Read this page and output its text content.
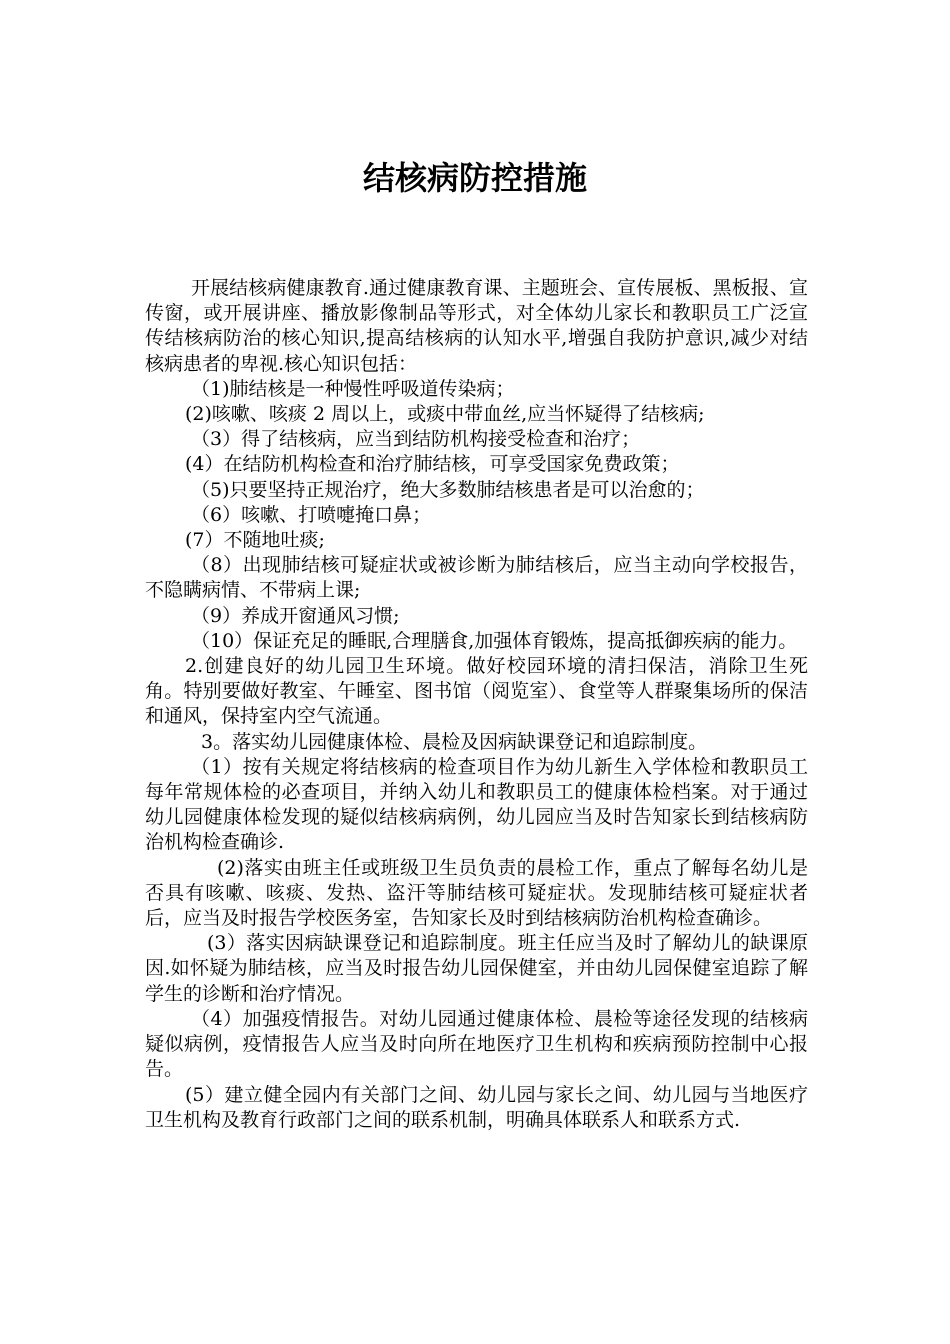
结核病防控措施

开展结核病健康教育.通过健康教育课、主题班会、宣传展板、黑板报、宣传窗，或开展讲座、播放影像制品等形式，对全体幼儿家长和教职员工广泛宣传结核病防治的核心知识,提高结核病的认知水平,增强自我防护意识,减少对结核病患者的卑视.核心知识包括：

（1)肺结核是一种慢性呼吸道传染病；

(2)咳嗽、咳痰 2 周以上，或痰中带血丝,应当怀疑得了结核病;

（3）得了结核病，应当到结防机构接受检查和治疗；

(4）在结防机构检查和治疗肺结核，可享受国家免费政策；

（5)只要坚持正规治疗，绝大多数肺结核患者是可以治愈的；

（6）咳嗽、打喷嚏掩口鼻；

(7）不随地吐痰;

（8）出现肺结核可疑症状或被诊断为肺结核后，应当主动向学校报告，不隐瞒病情、不带病上课;

（9）养成开窗通风习惯;

（10）保证充足的睡眠,合理膳食,加强体育锻炼，提高抵御疾病的能力。

2.创建良好的幼儿园卫生环境。做好校园环境的清扫保洁，消除卫生死角。特别要做好教室、午睡室、图书馆（阅览室）、食堂等人群聚集场所的保洁和通风，保持室内空气流通。

3。落实幼儿园健康体检、晨检及因病缺课登记和追踪制度。

（1）按有关规定将结核病的检查项目作为幼儿新生入学体检和教职员工每年常规体检的必查项目，并纳入幼儿和教职员工的健康体检档案。对于通过幼儿园健康体检发现的疑似结核病病例，幼儿园应当及时告知家长到结核病防治机构检查确诊.

(2)落实由班主任或班级卫生员负责的晨检工作，重点了解每名幼儿是否具有咳嗽、咳痰、发热、盗汗等肺结核可疑症状。发现肺结核可疑症状者后，应当及时报告学校医务室，告知家长及时到结核病防治机构检查确诊。

(3）落实因病缺课登记和追踪制度。班主任应当及时了解幼儿的缺课原因.如怀疑为肺结核，应当及时报告幼儿园保健室，并由幼儿园保健室追踪了解学生的诊断和治疗情况。

（4）加强疫情报告。对幼儿园通过健康体检、晨检等途径发现的结核病疑似病例，疫情报告人应当及时向所在地医疗卫生机构和疾病预防控制中心报告。

(5）建立健全园内有关部门之间、幼儿园与家长之间、幼儿园与当地医疗卫生机构及教育行政部门之间的联系机制，明确具体联系人和联系方式.
